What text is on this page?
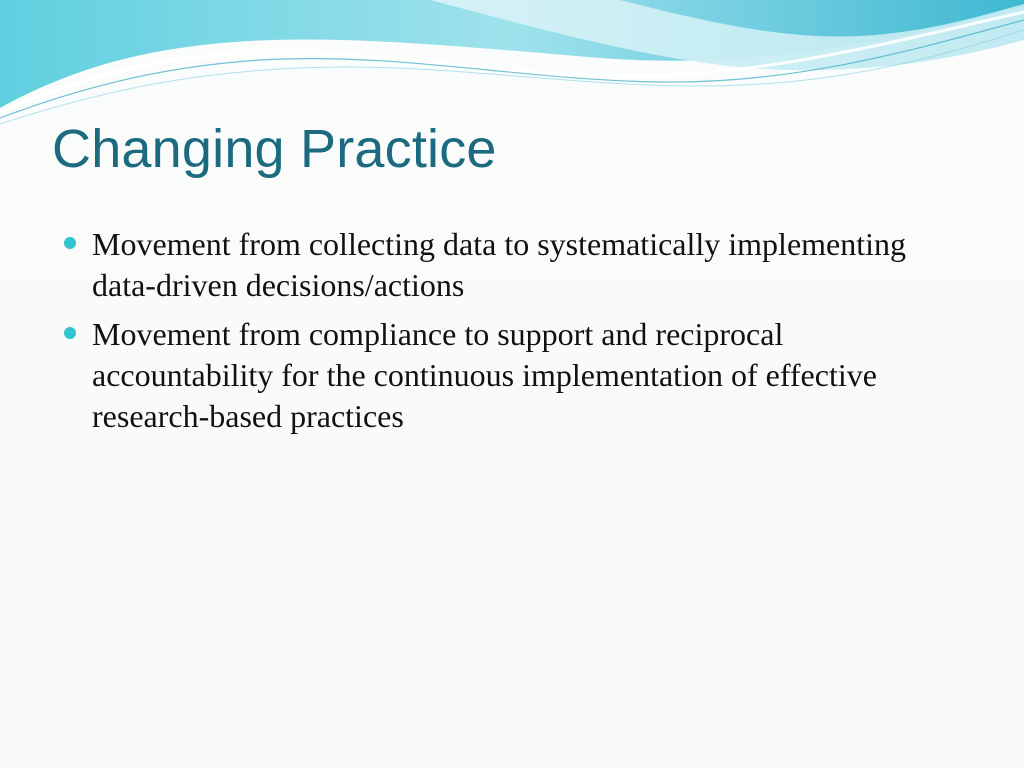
Changing Practice
Movement from collecting data to systematically implementing data-driven decisions/actions
Movement from compliance to support and reciprocal accountability for the continuous implementation of effective research-based practices
